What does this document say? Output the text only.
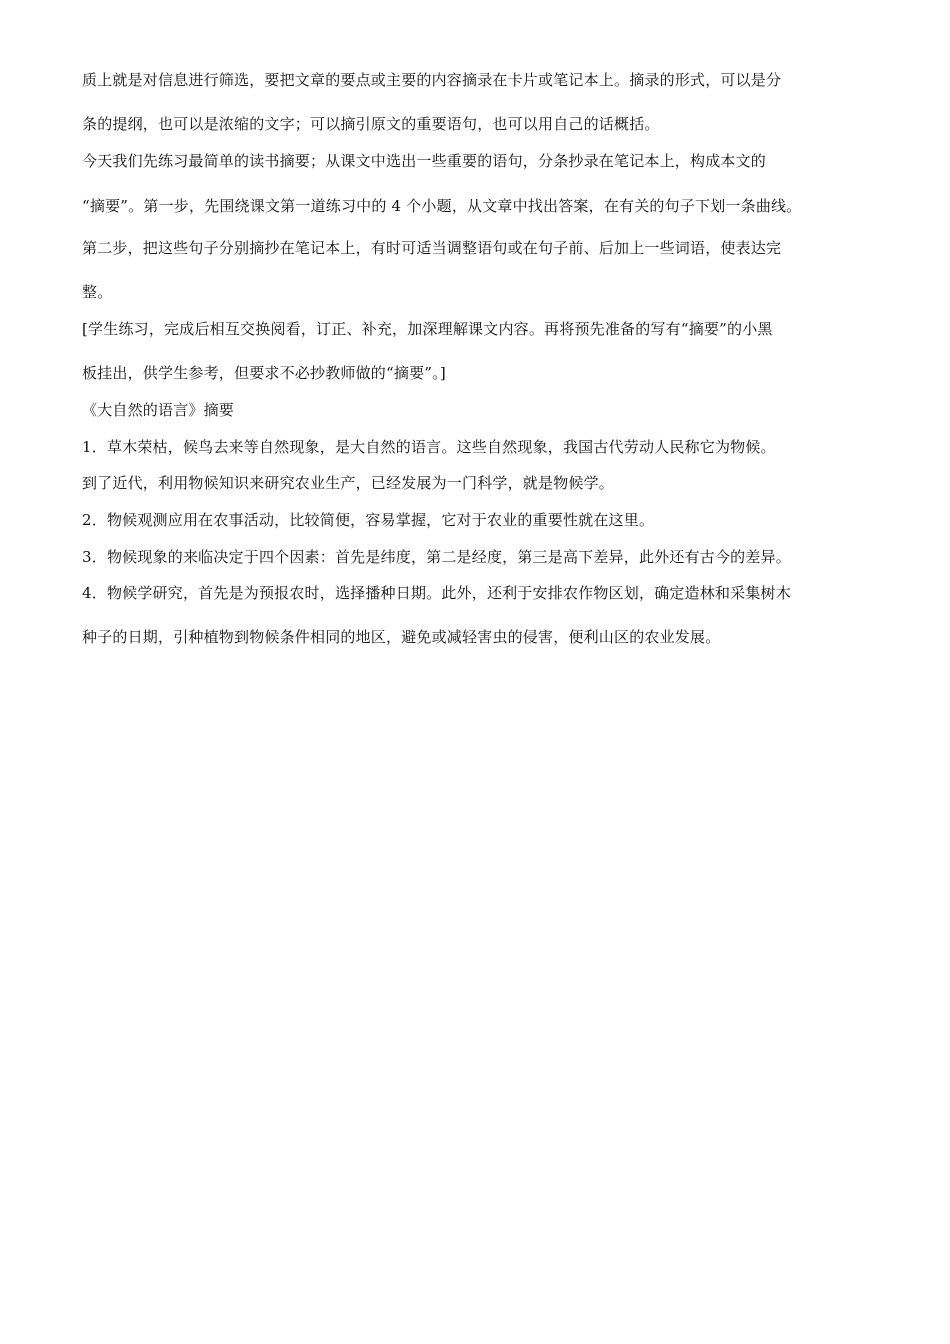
质上就是对信息进行筛选，要把文章的要点或主要的内容摘录在卡片或笔记本上。摘录的形式，可以是分
条的提纲，也可以是浓缩的文字；可以摘引原文的重要语句，也可以用自己的话概括。
今天我们先练习最简单的读书摘要；从课文中选出一些重要的语句，分条抄录在笔记本上，构成本文的
“摘要”。第一步，先围绕课文第一道练习中的 4 个小题，从文章中找出答案，在有关的句子下划一条曲线。
第二步，把这些句子分别摘抄在笔记本上，有时可适当调整语句或在句子前、后加上一些词语，使表达完
整。
[学生练习，完成后相互交换阅看，订正、补充，加深理解课文内容。再将预先准备的写有“摘要”的小黑
板挂出，供学生参考，但要求不必抄教师做的“摘要”。]
《大自然的语言》摘要
1．草木荣枯，候鸟去来等自然现象，是大自然的语言。这些自然现象，我国古代劳动人民称它为物候。
到了近代，利用物候知识来研究农业生产，已经发展为一门科学，就是物候学。
2．物候观测应用在农事活动，比较简便，容易掌握，它对于农业的重要性就在这里。
3．物候现象的来临决定于四个因素：首先是纬度，第二是经度，第三是高下差异，此外还有古今的差异。
4．物候学研究，首先是为预报农时，选择播种日期。此外，还利于安排农作物区划，确定造林和采集树木
种子的日期，引种植物到物候条件相同的地区，避免或减轻害虫的侵害，便利山区的农业发展。
